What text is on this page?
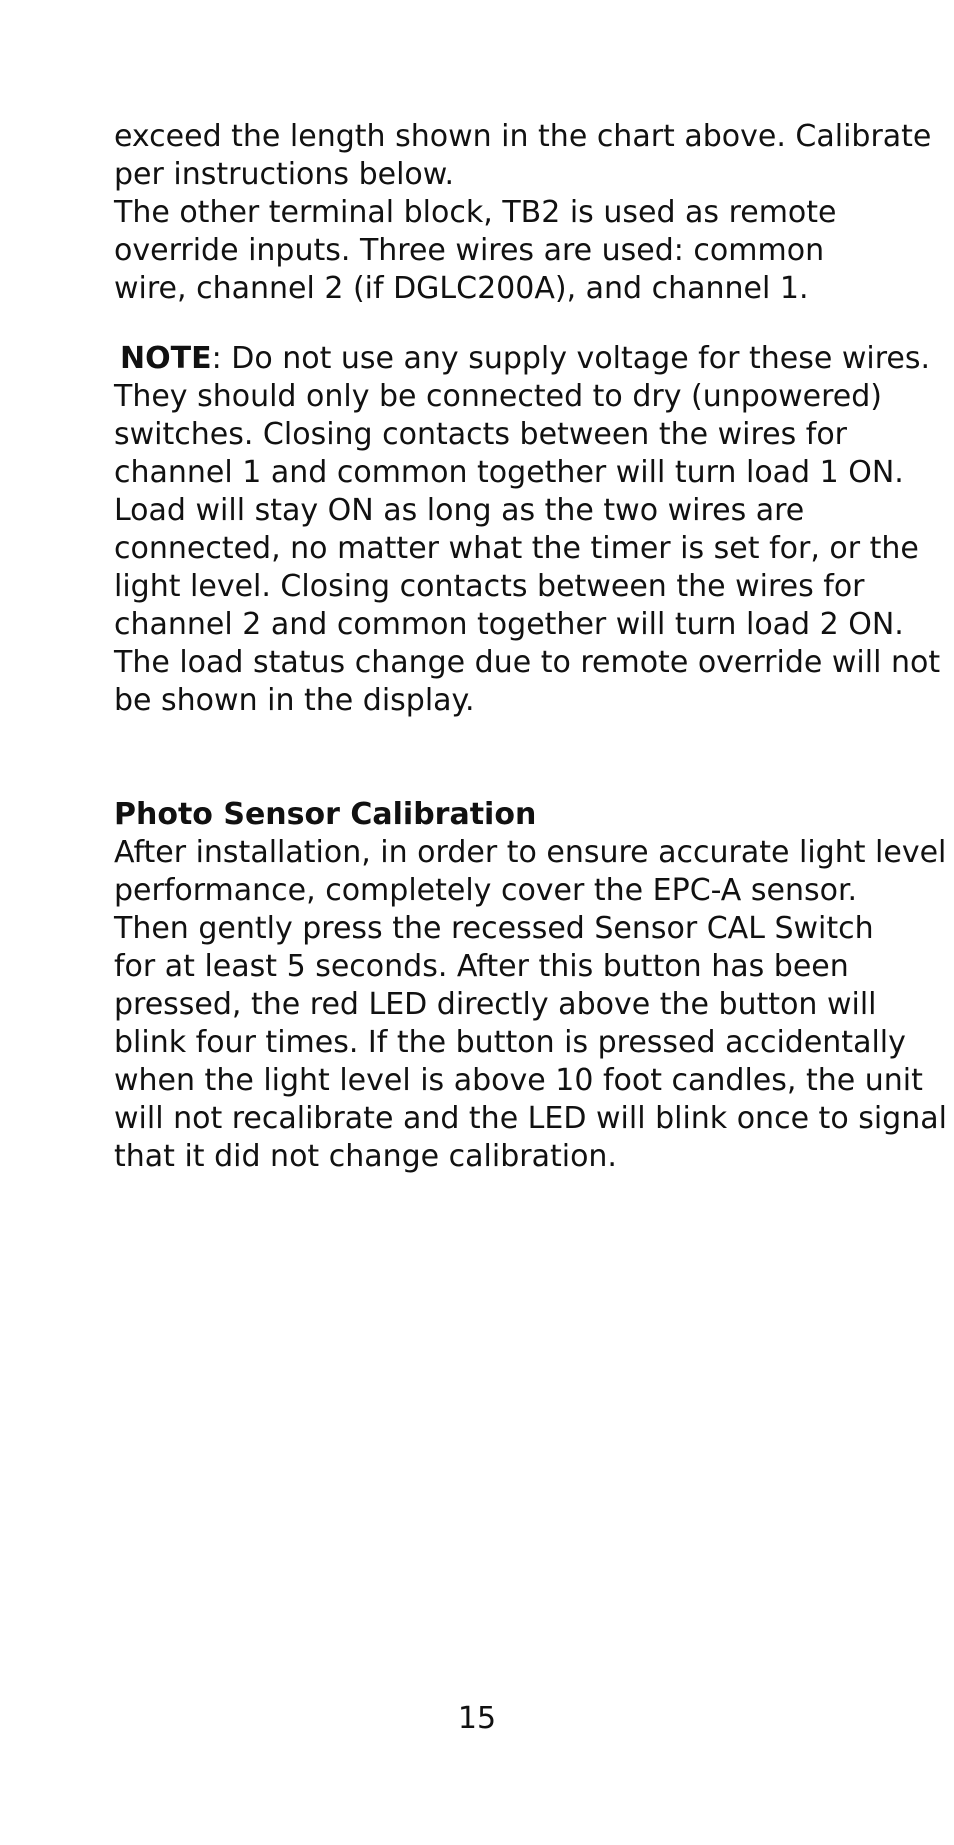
exceed the length shown in the chart above. Calibrate
per instructions below.
The other terminal block, TB2 is used as remote
override inputs. Three wires are used: common
wire, channel 2 (if DGLC200A), and channel 1.
NOTE: Do not use any supply voltage for these wires.
They should only be connected to dry (unpowered)
switches. Closing contacts between the wires for
channel 1 and common together will turn load 1 ON.
Load will stay ON as long as the two wires are
connected, no matter what the timer is set for, or the
light level. Closing contacts between the wires for
channel 2 and common together will turn load 2 ON.
The load status change due to remote override will not
be shown in the display.
Photo Sensor Calibration
After installation, in order to ensure accurate light level
performance, completely cover the EPC-A sensor.
Then gently press the recessed Sensor CAL Switch
for at least 5 seconds. After this button has been
pressed, the red LED directly above the button will
blink four times. If the button is pressed accidentally
when the light level is above 10 foot candles, the unit
will not recalibrate and the LED will blink once to signal
that it did not change calibration.
15
